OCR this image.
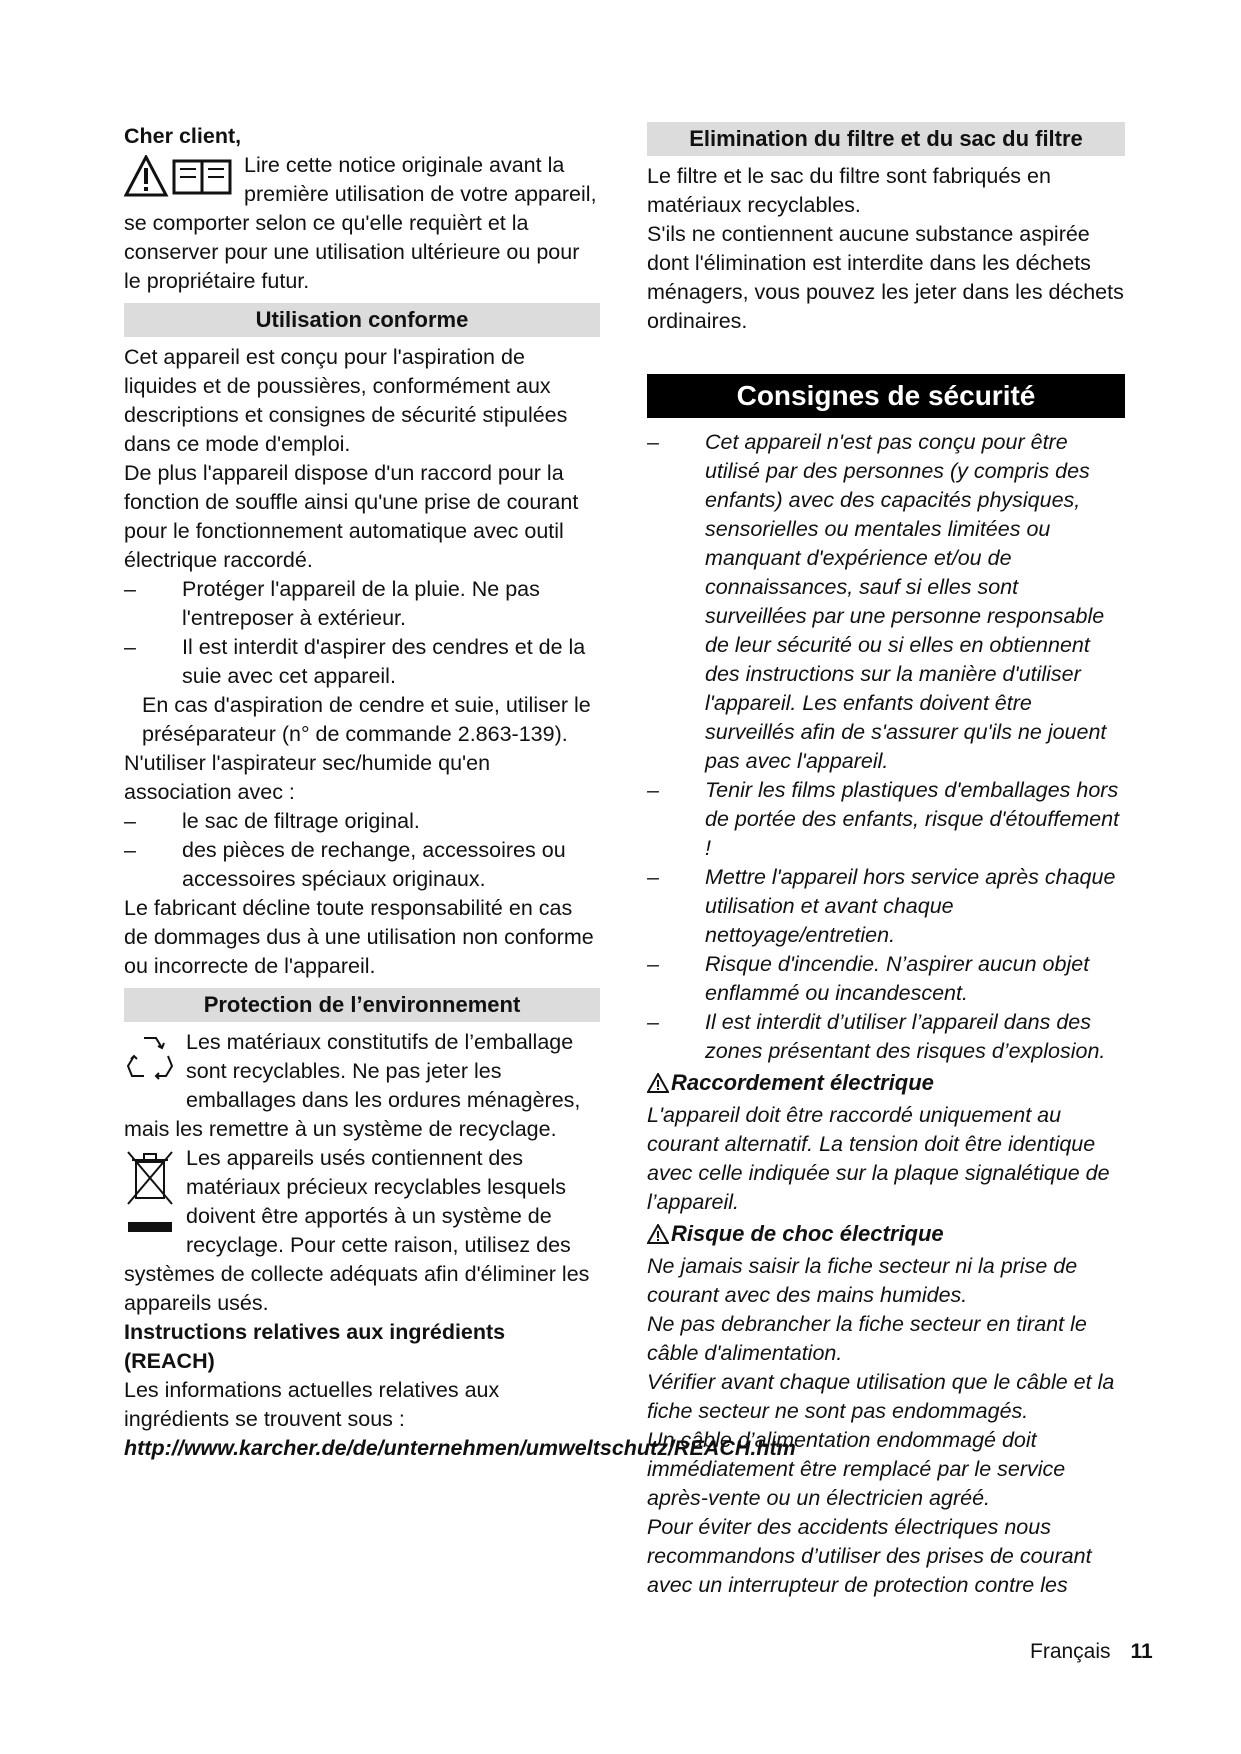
Cher client,
Lire cette notice originale avant la première utilisation de votre appareil, se comporter selon ce qu'elle requièrt et la conserver pour une utilisation ultérieure ou pour le propriétaire futur.
Utilisation conforme

Cet appareil est conçu pour l'aspiration de liquides et de poussières, conformément aux descriptions et consignes de sécurité stipulées dans ce mode d'emploi.

De plus l'appareil dispose d'un raccord pour la fonction de souffle ainsi qu'une prise de courant pour le fonctionnement automatique avec outil électrique raccordé.

–	Protéger l'appareil de la pluie. Ne pas l'entreposer à extérieur.
–	Il est interdit d'aspirer des cendres et de la suie avec cet appareil.
En cas d'aspiration de cendre et suie, utiliser le préséparateur (n° de commande 2.863-139).

N'utiliser l'aspirateur sec/humide qu'en association avec :

–	le sac de filtrage original.
–	des pièces de rechange, accessoires ou accessoires spéciaux originaux.

Le fabricant décline toute responsabilité en cas de dommages dus à une utilisation non conforme ou incorrecte de l'appareil.

Protection de l’environnement
Les matériaux constitutifs de l’emballage sont recyclables. Ne pas jeter les emballages dans les ordures ménagères, mais les remettre à un système de recyclage.
Les appareils usés contiennent des matériaux précieux recyclables lesquels doivent être apportés à un système de recyclage. Pour cette raison, utilisez des systèmes de collecte adéquats afin d'éliminer les appareils usés.
Instructions relatives aux ingrédients (REACH)

Les informations actuelles relatives aux ingrédients se trouvent sous :

http://www.karcher.de/de/unternehmen/umweltschutz/REACH.htm
Elimination du filtre et du sac du filtre

Le filtre et le sac du filtre sont fabriqués en matériaux recyclables.

S'ils ne contiennent aucune substance aspirée dont l'élimination est interdite dans les déchets ménagers, vous pouvez les jeter dans les déchets ordinaires.

Consignes de sécurité
–	Cet appareil n'est pas conçu pour être utilisé par des personnes (y compris des enfants) avec des capacités physiques, sensorielles ou mentales limitées ou manquant d'expérience et/ou de connaissances, sauf si elles sont surveillées par une personne responsable de leur sécurité ou si elles en obtiennent des instructions sur la manière d'utiliser l'appareil. Les enfants doivent être surveillés afin de s'assurer qu'ils ne jouent pas avec l'appareil.
–	Tenir les films plastiques d'emballages hors de portée des enfants, risque d'étouffement !
–	Mettre l'appareil hors service après chaque utilisation et avant chaque nettoyage/entretien.
–	Risque d'incendie. N’aspirer aucun objet enflammé ou incandescent.
–	Il est interdit d’utiliser l’appareil dans des zones présentant des risques d’explosion.
Raccordement électrique

L'appareil doit être raccordé uniquement au courant alternatif. La tension doit être identique avec celle indiquée sur la plaque signalétique de l’appareil.

Risque de choc électrique

Ne jamais saisir la fiche secteur ni la prise de courant avec des mains humides.

Ne pas debrancher la fiche secteur en tirant le câble d'alimentation.

Vérifier avant chaque utilisation que le câble et la fiche secteur ne sont pas endommagés.

Un câble d’alimentation endommagé doit immédiatement être remplacé par le service après-vente ou un électricien agréé.

Pour éviter des accidents électriques nous recommandons d’utiliser des prises de courant avec un interrupteur de protection contre les

Français 11
